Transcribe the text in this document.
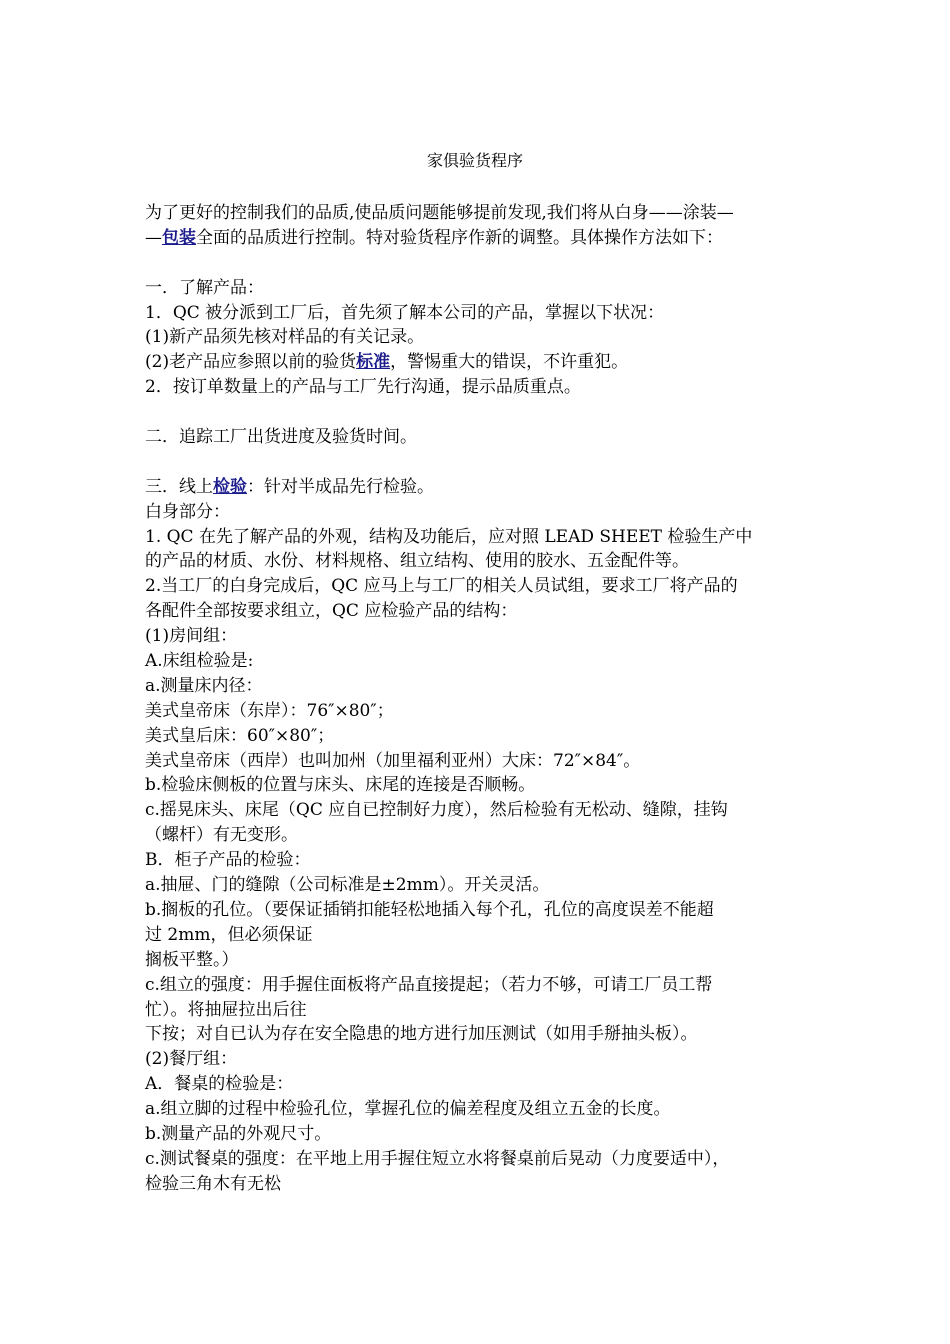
家俱验货程序
为了更好的控制我们的品质,使品质问题能够提前发现,我们将从白身——涂装—
—包装全面的品质进行控制。特对验货程序作新的调整。具体操作方法如下：
一．了解产品：
1．QC 被分派到工厂后，首先须了解本公司的产品，掌握以下状况：
(1)新产品须先核对样品的有关记录。
(2)老产品应参照以前的验货标准，警惕重大的错误，不许重犯。
2．按订单数量上的产品与工厂先行沟通，提示品质重点。
二．追踪工厂出货进度及验货时间。
三．线上检验：针对半成品先行检验。
白身部分：
1. QC 在先了解产品的外观，结构及功能后，应对照 LEAD SHEET 检验生产中
的产品的材质、水份、材料规格、组立结构、使用的胶水、五金配件等。
2.当工厂的白身完成后，QC 应马上与工厂的相关人员试组，要求工厂将产品的
各配件全部按要求组立，QC 应检验产品的结构：
(1)房间组：
A.床组检验是:
a.测量床内径：
美式皇帝床（东岸）：76″×80″；
美式皇后床：60″×80″；
美式皇帝床（西岸）也叫加州（加里福利亚州）大床：72″×84″。
b.检验床侧板的位置与床头、床尾的连接是否顺畅。
c.摇晃床头、床尾（QC 应自已控制好力度），然后检验有无松动、缝隙，挂钩
（螺杆）有无变形。
B．柜子产品的检验：
a.抽屉、门的缝隙（公司标准是±2mm）。开关灵活。
b.搁板的孔位。（要保证插销扣能轻松地插入每个孔，孔位的高度误差不能超
过 2mm，但必须保证
搁板平整。）
c.组立的强度：用手握住面板将产品直接提起；（若力不够，可请工厂员工帮
忙）。将抽屉拉出后往
下按；对自已认为存在安全隐患的地方进行加压测试（如用手掰抽头板）。
(2)餐厅组：
A．餐桌的检验是：
a.组立脚的过程中检验孔位，掌握孔位的偏差程度及组立五金的长度。
b.测量产品的外观尺寸。
c.测试餐桌的强度：在平地上用手握住短立水将餐桌前后晃动（力度要适中），
检验三角木有无松
